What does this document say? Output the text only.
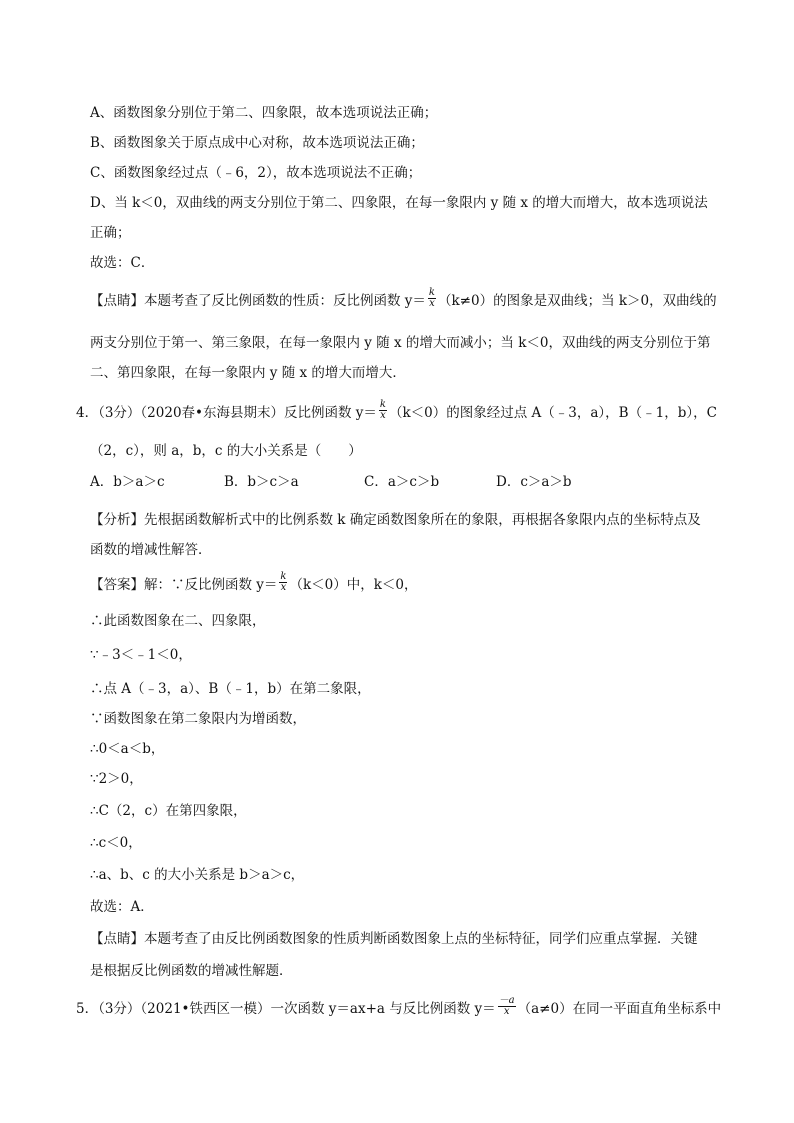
A、函数图象分别位于第二、四象限，故本选项说法正确；
B、函数图象关于原点成中心对称，故本选项说法正确；
C、函数图象经过点（﹣6，2），故本选项说法不正确；
D、当 k＜0，双曲线的两支分别位于第二、四象限，在每一象限内 y 随 x 的增大而增大，故本选项说法
正确；
故选：C．
【点睛】本题考查了反比例函数的性质：反比例函数 $y= \frac{k}{x} (k\ne 0)$的图象是双曲线；当 k＞0，双曲线的
两支分别位于第一、第三象限，在每一象限内 y 随 x 的增大而减小；当 k＜0，双曲线的两支分别位于第
二、第四象限，在每一象限内 y 随 x 的增大而增大．
4．（3分）（2020春•东海县期末）反比例函数 $y= \frac{k}{x} (k<0)$的图象经过点 A（﹣3，a），B（﹣1，b），C
（2，c），则 a，b，c 的大小关系是（　　）
A．b＞a＞c	B．b＞c＞a	C．a＞c＞b	D．c＞a＞b
【分析】先根据函数解析式中的比例系数 k 确定函数图象所在的象限，再根据各象限内点的坐标特点及
函数的增减性解答．
【答案】解：∵反比例函数 $y= \frac{k}{x} (k<0)$中，k＜0，
∴此函数图象在二、四象限，
∵﹣3＜﹣1＜0，
∴点 A（﹣3，a）、B（﹣1，b）在第二象限，
∵函数图象在第二象限内为增函数，
∴0＜a＜b，
∵2＞0，
∴C（2，c）在第四象限，
∴c＜0，
∴a、b、c 的大小关系是 b＞a＞c，
故选：A．
【点睛】本题考查了由反比例函数图象的性质判断函数图象上点的坐标特征，同学们应重点掌握．关键
是根据反比例函数的增减性解题．
5．（3分）（2021•铁西区一模）一次函数 y＝ax+a 与反比例函数 $y= \frac{-a}{x} (a\ne 0)$在同一平面直角坐标系中
